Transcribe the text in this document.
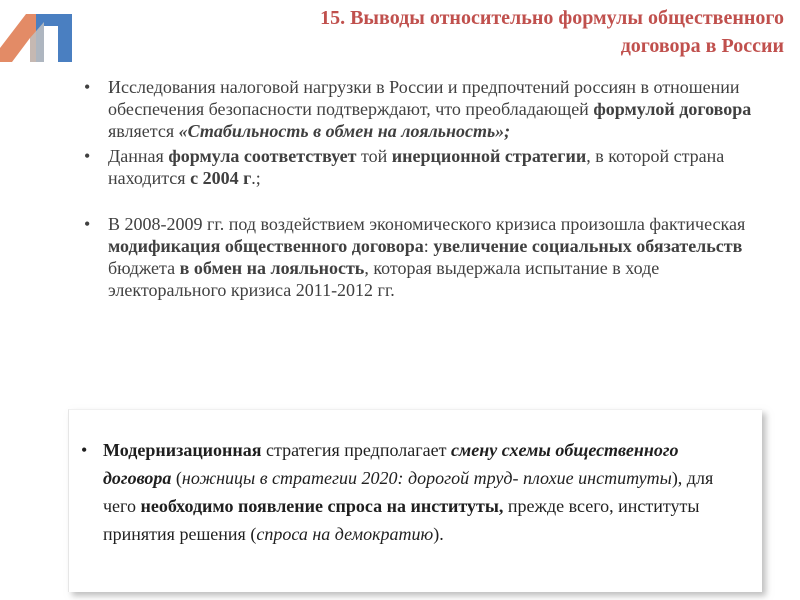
15. Выводы относительно формулы общественного
договора в России
• Исследования налоговой нагрузки в России и предпочтений россиян в отношении обеспечения безопасности подтверждают, что преобладающей формулой договора является «Стабильность в обмен на лояльность»;
• Данная формула соответствует той инерционной стратегии, в которой страна находится с 2004 г.;
• В 2008-2009 гг. под воздействием экономического кризиса произошла фактическая модификация общественного договора: увеличение социальных обязательств бюджета в обмен на лояльность, которая выдержала испытание в ходе электорального кризиса 2011-2012 гг.
• Модернизационная стратегия предполагает смену схемы общественного договора (ножницы в стратегии 2020: дорогой труд- плохие институты), для чего необходимо появление спроса на институты, прежде всего, институты принятия решения (спроса на демократию).
